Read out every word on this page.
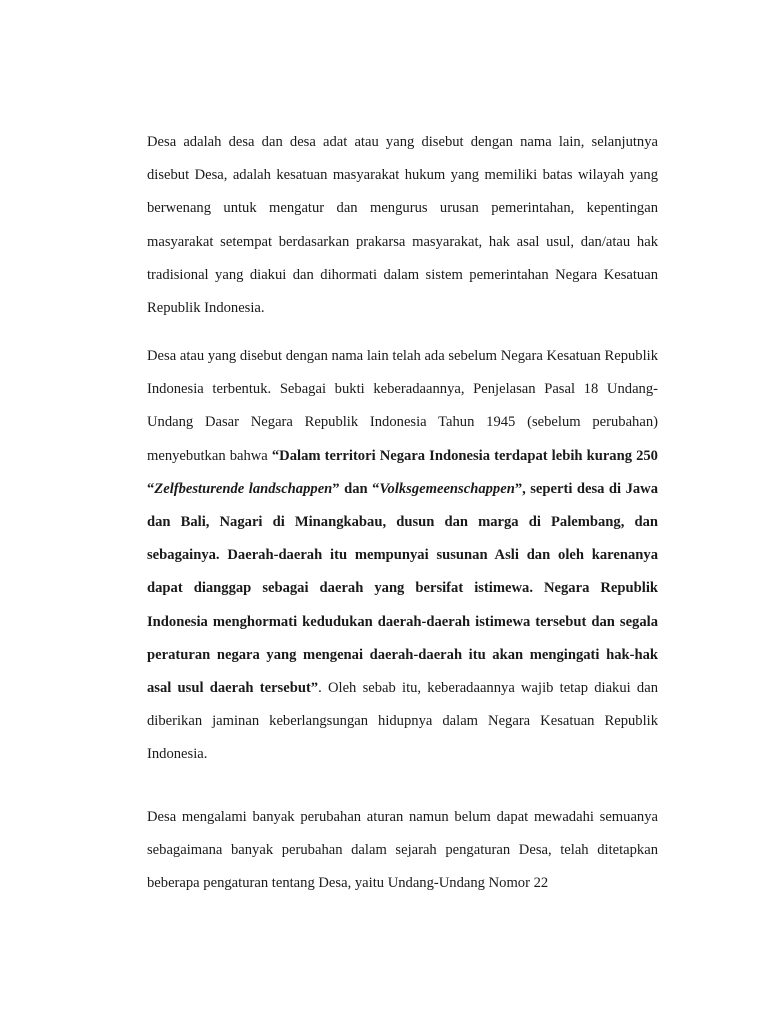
Desa adalah desa dan desa adat atau yang disebut dengan nama lain, selanjutnya disebut Desa, adalah kesatuan masyarakat hukum yang memiliki batas wilayah yang berwenang untuk mengatur dan mengurus urusan pemerintahan, kepentingan masyarakat setempat berdasarkan prakarsa masyarakat, hak asal usul, dan/atau hak tradisional yang diakui dan dihormati dalam sistem pemerintahan Negara Kesatuan Republik Indonesia.

Desa atau yang disebut dengan nama lain telah ada sebelum Negara Kesatuan Republik Indonesia terbentuk. Sebagai bukti keberadaannya, Penjelasan Pasal 18 Undang-Undang Dasar Negara Republik Indonesia Tahun 1945 (sebelum perubahan) menyebutkan bahwa “Dalam territori Negara Indonesia terdapat lebih kurang 250 “Zelfbesturende landschappen” dan “Volksgemeenschappen”, seperti desa di Jawa dan Bali, Nagari di Minangkabau, dusun dan marga di Palembang, dan sebagainya. Daerah-daerah itu mempunyai susunan Asli dan oleh karenanya dapat dianggap sebagai daerah yang bersifat istimewa. Negara Republik Indonesia menghormati kedudukan daerah-daerah istimewa tersebut dan segala peraturan negara yang mengenai daerah-daerah itu akan mengingati hak-hak asal usul daerah tersebut”. Oleh sebab itu, keberadaannya wajib tetap diakui dan diberikan jaminan keberlangsungan hidupnya dalam Negara Kesatuan Republik Indonesia.

Desa mengalami banyak perubahan aturan namun belum dapat mewadahi semuanya sebagaimana banyak perubahan dalam sejarah pengaturan Desa, telah ditetapkan beberapa pengaturan tentang Desa, yaitu Undang-Undang Nomor 22
